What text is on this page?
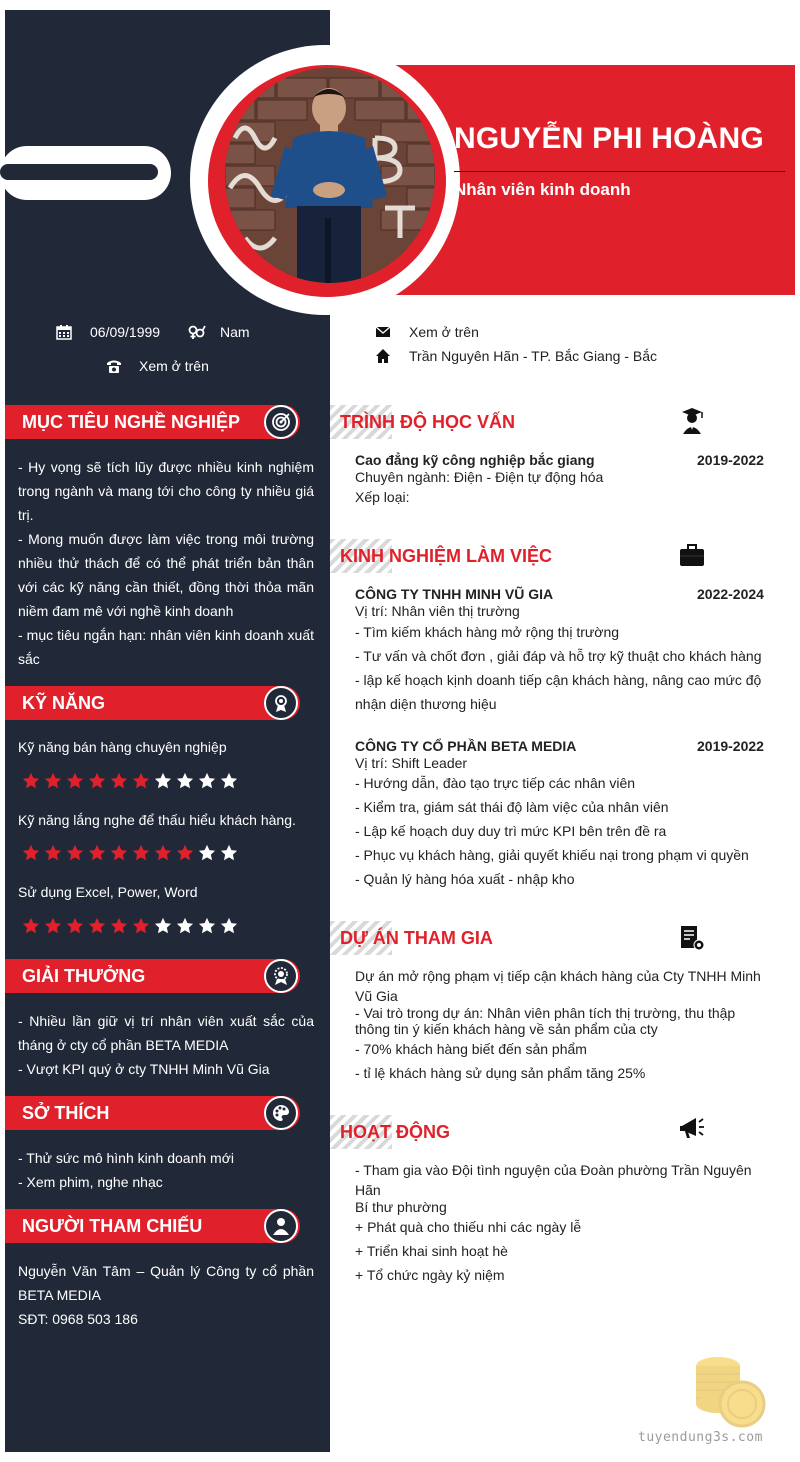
NGUYỄN PHI HOÀNG
Nhân viên kinh doanh
06/09/1999	Nam
Xem ở trên
Xem ở trên
Trần Nguyên Hãn - TP. Bắc Giang - Bắc
MỤC TIÊU NGHỀ NGHIỆP
- Hy vọng sẽ tích lũy được nhiều kinh nghiệm trong ngành và mang tới cho công ty nhiều giá trị.
- Mong muốn được làm việc trong môi trường nhiều thử thách để có thể phát triển bản thân với các kỹ năng cần thiết, đồng thời thỏa mãn niềm đam mê với nghề kinh doanh
- mục tiêu ngắn hạn: nhân viên kinh doanh xuất sắc
KỸ NĂNG
Kỹ năng bán hàng chuyên nghiệp
Kỹ năng lắng nghe để thấu hiểu khách hàng.
Sử dụng Excel, Power, Word
GIẢI THƯỞNG
- Nhiều lần giữ vị trí nhân viên xuất sắc của tháng ở cty cổ phần BETA MEDIA
- Vượt KPI quý ở cty TNHH Minh Vũ Gia
SỞ THÍCH
- Thử sức mô hình kinh doanh mới
- Xem phim, nghe nhạc
NGƯỜI THAM CHIẾU
Nguyễn Văn Tâm – Quản lý Công ty cổ phần BETA MEDIA
SĐT: 0968 503 186
TRÌNH ĐỘ HỌC VẤN
Cao đẳng kỹ công nghiệp bắc giang	2019-2022
Chuyên ngành: Điện - Điện tự động hóa
Xếp loại:
KINH NGHIỆM LÀM VIỆC
CÔNG TY TNHH MINH VŨ GIA	2022-2024
Vị trí: Nhân viên thị trường
- Tìm kiếm khách hàng mở rộng thị trường
- Tư vấn và chốt đơn , giải đáp và hỗ trợ kỹ thuật cho khách hàng
- lập kế hoạch kịnh doanh tiếp cận khách hàng, nâng cao mức độ
nhận diện thương hiệu
CÔNG TY CỔ PHẦN BETA MEDIA	2019-2022
Vị trí: Shift Leader
- Hướng dẫn, đào tạo trực tiếp các nhân viên
- Kiểm tra, giám sát thái độ làm việc của nhân viên
- Lập kế hoạch duy duy trì mức KPI bên trên đề ra
- Phục vụ khách hàng, giải quyết khiếu nại trong phạm vi quyền
- Quản lý hàng hóa xuất - nhập kho
DỰ ÁN THAM GIA
Dự án mở rộng phạm vị tiếp cận khách hàng của Cty TNHH Minh
Vũ Gia
- Vai trò trong dự án: Nhân viên phân tích thị trường, thu thập
thông tin ý kiến khách hàng về sản phẩm của cty
- 70% khách hàng biết đến sản phẩm
- tỉ lệ khách hàng sử dụng sản phẩm tăng 25%
HOẠT ĐỘNG
- Tham gia vào Đội tình nguyện của Đoàn phường Trần Nguyên
Hãn
Bí thư phường
+ Phát quà cho thiếu nhi các ngày lễ
+ Triển khai sinh hoạt hè
+ Tổ chức ngày kỷ niệm
tuyendung3s.com
